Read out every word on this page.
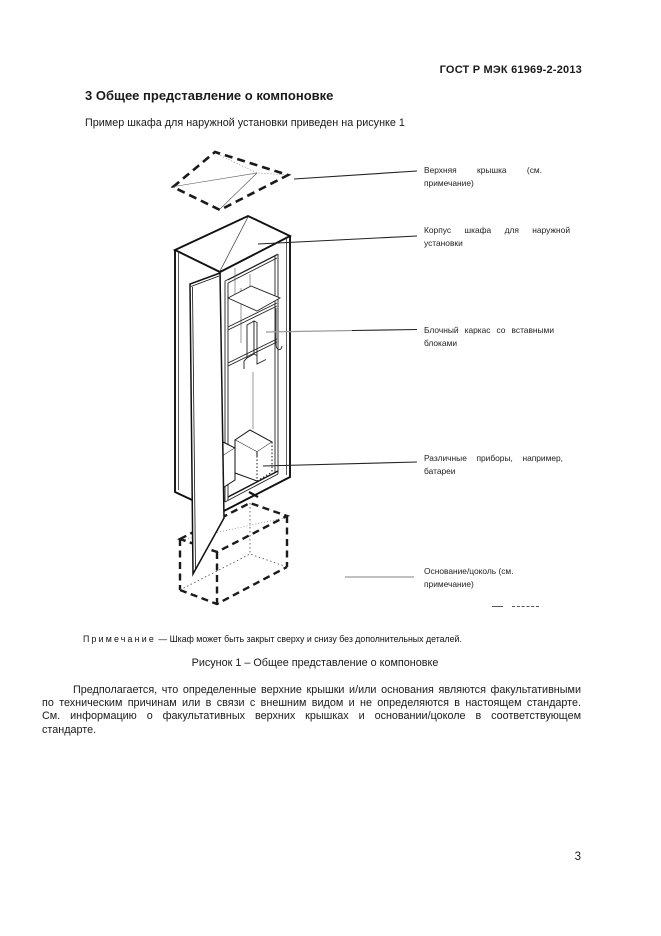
ГОСТ Р МЭК 61969-2-2013
3 Общее представление о компоновке
Пример шкафа для наружной установки приведен на рисунке 1
Верхняя крышка (см. примечание)
Корпус шкафа для наружной установки
Блочный каркас со вставными блоками
Различные приборы, например, батареи
Основание/цоколь (см. примечание)
Примечание — Шкаф может быть закрыт сверху и снизу без дополнительных деталей.
Рисунок 1 – Общее представление о компоновке
Предполагается, что определенные верхние крышки и/или основания являются факультативными по техническим причинам или в связи с внешним видом и не определяются в настоящем стандарте. См. информацию о факультативных верхних крышках и основании/цоколе в соответствующем стандарте.
3
